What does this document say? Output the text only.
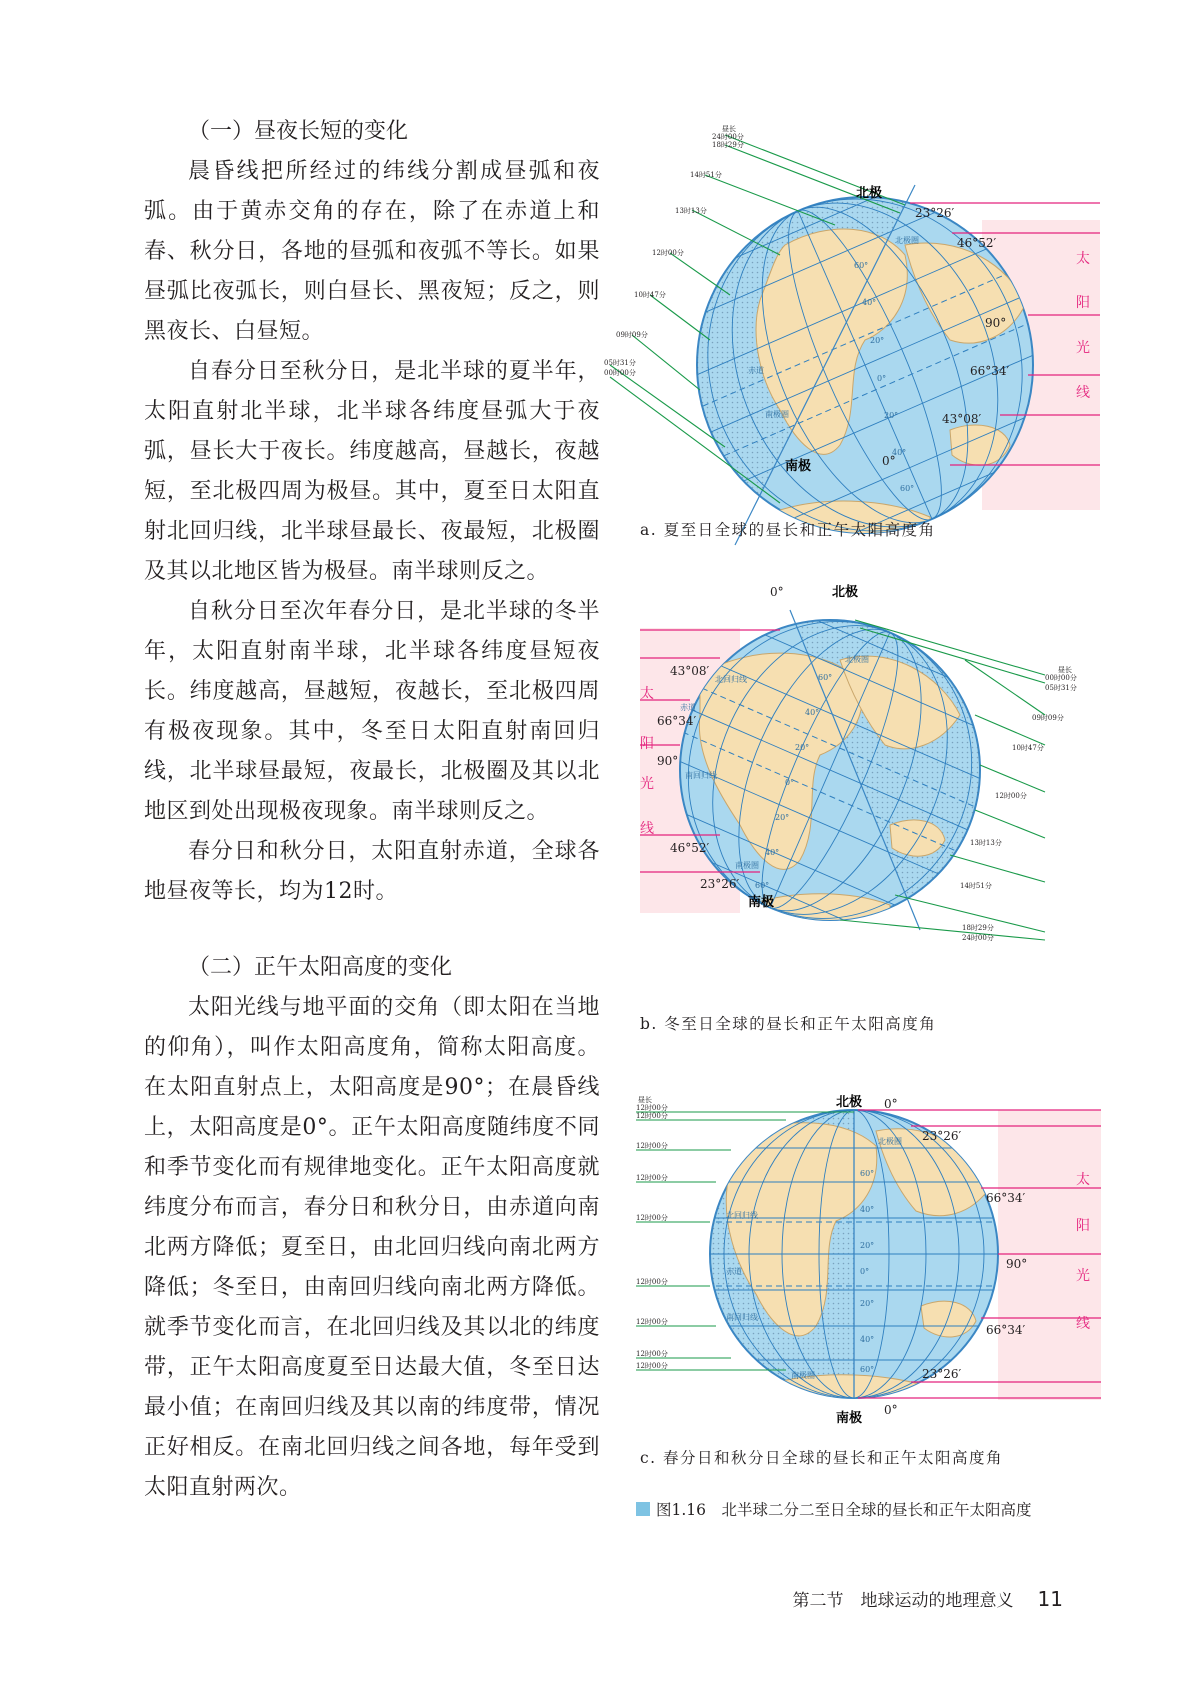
（一）昼夜长短的变化

晨昏线把所经过的纬线分割成昼弧和夜弧。由于黄赤交角的存在，除了在赤道上和春、秋分日，各地的昼弧和夜弧不等长。如果昼弧比夜弧长，则白昼长、黑夜短；反之，则黑夜长、白昼短。

自春分日至秋分日，是北半球的夏半年，太阳直射北半球，北半球各纬度昼弧大于夜弧，昼长大于夜长。纬度越高，昼越长，夜越短，至北极四周为极昼。其中，夏至日太阳直射北回归线，北半球昼最长、夜最短，北极圈及其以北地区皆为极昼。南半球则反之。

自秋分日至次年春分日，是北半球的冬半年，太阳直射南半球，北半球各纬度昼短夜长。纬度越高，昼越短，夜越长，至北极四周有极夜现象。其中，冬至日太阳直射南回归线，北半球昼最短，夜最长，北极圈及其以北地区到处出现极夜现象。南半球则反之。

春分日和秋分日，太阳直射赤道，全球各地昼夜等长，均为12时。

（二）正午太阳高度的变化

太阳光线与地平面的交角（即太阳在当地的仰角），叫作太阳高度角，简称太阳高度。在太阳直射点上，太阳高度是90°；在晨昏线上，太阳高度是0°。正午太阳高度随纬度不同和季节变化而有规律地变化。正午太阳高度就纬度分布而言，春分日和秋分日，由赤道向南北两方降低；夏至日，由北回归线向南北两方降低；冬至日，由南回归线向南北两方降低。就季节变化而言，在北回归线及其以北的纬度带，正午太阳高度夏至日达最大值，冬至日达最小值；在南回归线及其以南的纬度带，情况正好相反。在南北回归线之间各地，每年受到太阳直射两次。

北极
南极
昼长
24时00分
18时29分
14时51分
13时13分
12时00分
10时47分
09时09分
05时31分
00时00分
23°26′
46°52′
90°
66°34′
43°08′
0°
太
阳
光
线
北极圈
赤道
南极圈
60°
40°
20°
0°
20°
40°
60°
a. 夏至日全球的昼长和正午太阳高度角
北极
南极
昼长
00时00分
05时31分
09时09分
10时47分
12时00分
13时13分
14时51分
18时29分
24时00分
0°
43°08′
66°34′
90°
46°52′
23°26′
太
阳
光
线
北回归线
赤道
南回归线
北极圈
南极圈
60°
40°
20°
0°
20°
40°
60°
b. 冬至日全球的昼长和正午太阳高度角
北极
南极
昼长
12时00分
12时00分
12时00分
12时00分
12时00分
12时00分
12时00分
12时00分
12时00分
0°
23°26′
66°34′
90°
66°34′
23°26′
0°
太
阳
光
线
北极圈
北回归线
赤道
南回归线
南极圈
60°
40°
20°
0°
20°
40°
60°
c. 春分日和秋分日全球的昼长和正午太阳高度角
图1.16　北半球二分二至日全球的昼长和正午太阳高度
第二节　地球运动的地理意义 11
